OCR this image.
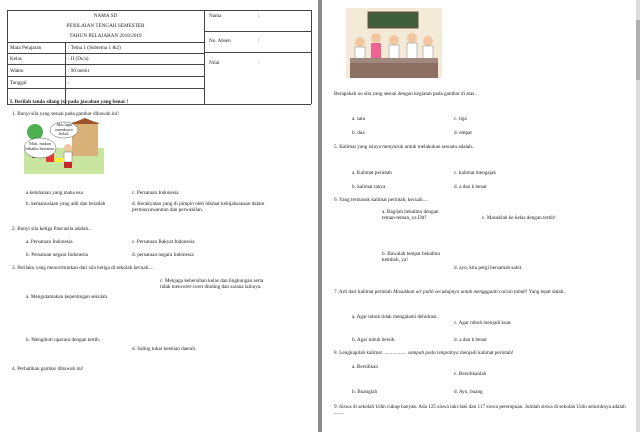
NAMA SD
PENILAIAN TENGAH SEMESTER
TAHUN PELAJARAN 2018/2019
Nama	:
No. Absen	:
Nilai	:
Mata Pelajaran	: Tema 1 (Subtema 1 &2)
Kelas	: II (Du'a)
Waktu	: 90 menit
Tanggal	:
I. Berilah tanda silang (x) pada jawaban yang benar !
1. Bunyi sila yang sesuai pada gambar dibawah ini!
Aku lupa membawa bekal.
Mari, makan bekalku bersama.
a.ketuhanan yang maha esa	c. Persatuan Indonesia
b. kemanusiaan yang adil dan beradab	d. Kerakyatan yang di pimpin oleh hikmat kebijaksanaan dalam permusyawaratan dan perwakilan.
2. Bunyi sila ketiga Pancasila adalah...
a. Persatuan Indonesia	c. Persatuan Rakyat Indonesia
b. Persatuan negara Indonesia	d. persatuan negara Indonesia
3. Perilaku yang mencerminkan dari sila ketiga di sekolah kecuali....
a. Mengutamakan kepentingan sekolah.
c. Menjaga kebersihan kelas dan lingkungan serta tidak mencoret-coret dinding dan sarana lainnya.
b. Mengikuti upacara dengan tertib.
d. Saling tukar keenian daerah.
4. Perhatikan gambar dibawah ini!
Berapakah no sila yang sesuai dengan kegiatan pada gambar di atas..
a. satu	c. tiga
b. dua	d. empat
5. Kalimat yang isinya menyuruh untuk melakukan sesuatu adalah..
a. Kalimat perintah	c. kalimat mengajak
b. kalimat tanya	d. a dan b benar
6. Yang termasuk kalimat perintah, kecuali....
a. Bagilah bekalmu dengan teman-teman, ya Dit!	c. Masuklah ke kelas dengan tertib!
b. Bawalah tempat bekalmu kembali, ya!
d. ayo, kita pergi bersamah sakit.
7. Arti dari kalimat perintah Masukkan air putih secukupnya untuk menggganti cairan tubuh! Yang tepat dalah..
a. Agar tubuh tidak mengalami dehidrasi.
c. Agar tubuh menjadi kuat.
b. Agar tubuh bersih.	d. a dan b benar
8. Lengkapilah kalimat .................. sampah pada tempatnya menjadi kalimat perintah!
a. Bersihkan
c. Bersihkanlah
b. Buanglah	d. Ayo, buang
9. Siswa di sekolah Udin cukup banyak. Ada 125 siswa laki-laki dan 117 siswa perempuan. Jumlah siswa di sekolah Udin seluruhnya adalah ........
